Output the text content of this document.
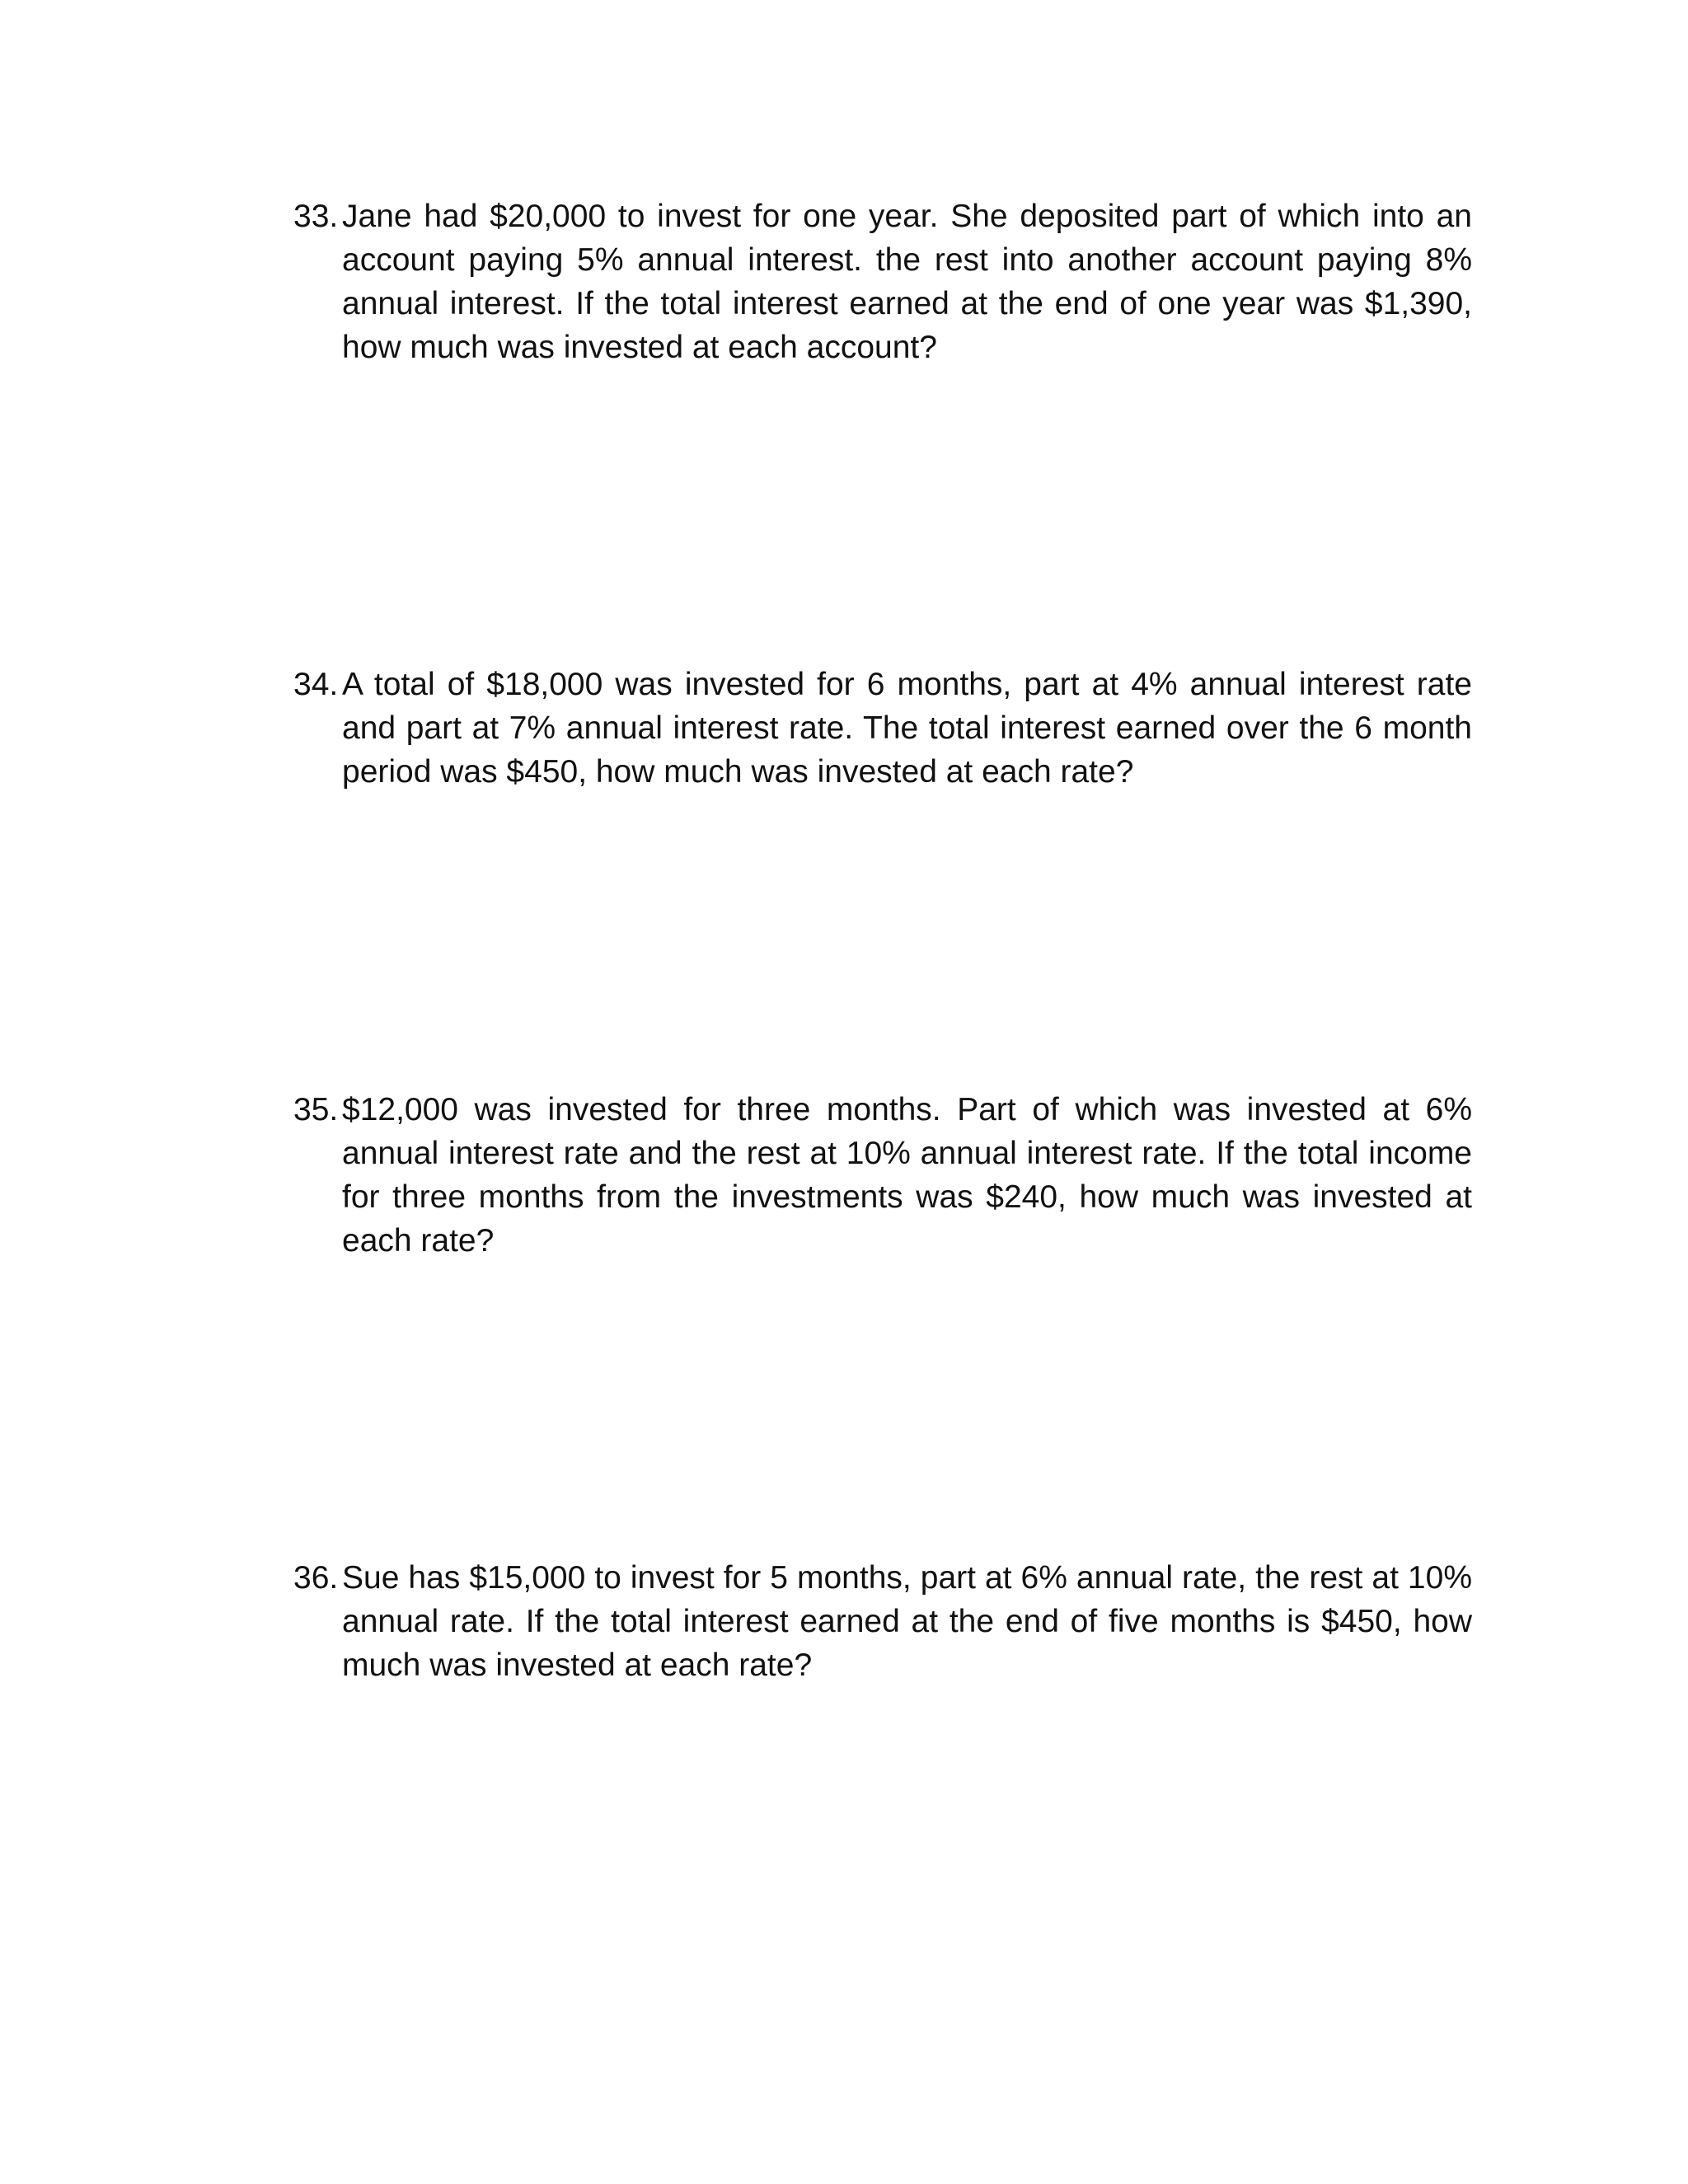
33. Jane had $20,000 to invest for one year. She deposited part of which into an account paying 5% annual interest. the rest into another account paying 8% annual interest. If the total interest earned at the end of one year was $1,390, how much was invested at each account?
34. A total of $18,000 was invested for 6 months, part at 4% annual interest rate and part at 7% annual interest rate. The total interest earned over the 6 month period was $450, how much was invested at each rate?
35. $12,000 was invested for three months. Part of which was invested at 6% annual interest rate and the rest at 10% annual interest rate. If the total income for three months from the investments was $240, how much was invested at each rate?
36. Sue has $15,000 to invest for 5 months, part at 6% annual rate, the rest at 10% annual rate. If the total interest earned at the end of five months is $450, how much was invested at each rate?
